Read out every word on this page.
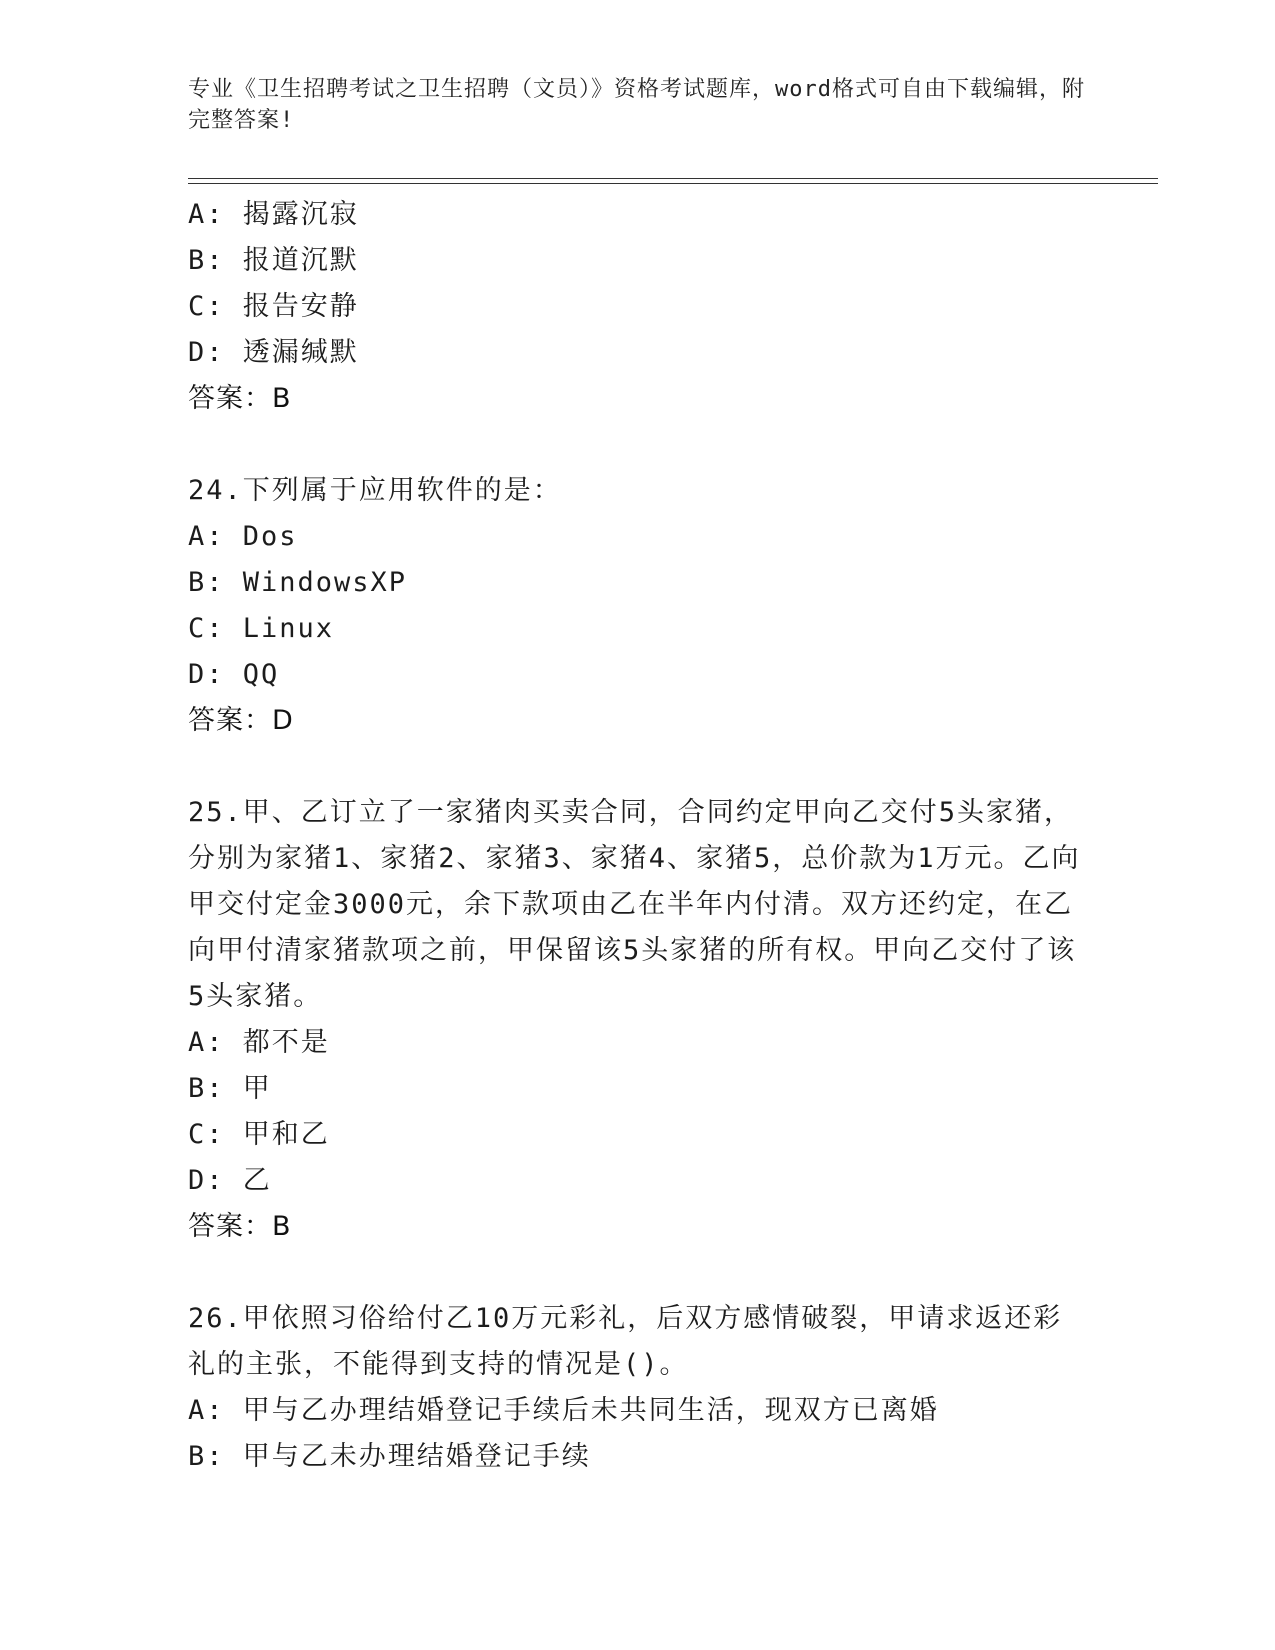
专业《卫生招聘考试之卫生招聘（文员）》资格考试题库，word格式可自由下载编辑，附完整答案!
A: 揭露沉寂
B: 报道沉默
C: 报告安静
D: 透漏缄默
答案：B
24.下列属于应用软件的是：
A: Dos
B: WindowsXP
C: Linux
D: QQ
答案：D
25.甲、乙订立了一家猪肉买卖合同，合同约定甲向乙交付5头家猪，分别为家猪1、家猪2、家猪3、家猪4、家猪5，总价款为1万元。乙向甲交付定金3000元，余下款项由乙在半年内付清。双方还约定，在乙向甲付清家猪款项之前，甲保留该5头家猪的所有权。甲向乙交付了该5头家猪。
A: 都不是
B: 甲
C: 甲和乙
D: 乙
答案：B
26.甲依照习俗给付乙10万元彩礼，后双方感情破裂，甲请求返还彩礼的主张，不能得到支持的情况是()。
A: 甲与乙办理结婚登记手续后未共同生活，现双方已离婚
B: 甲与乙未办理结婚登记手续
